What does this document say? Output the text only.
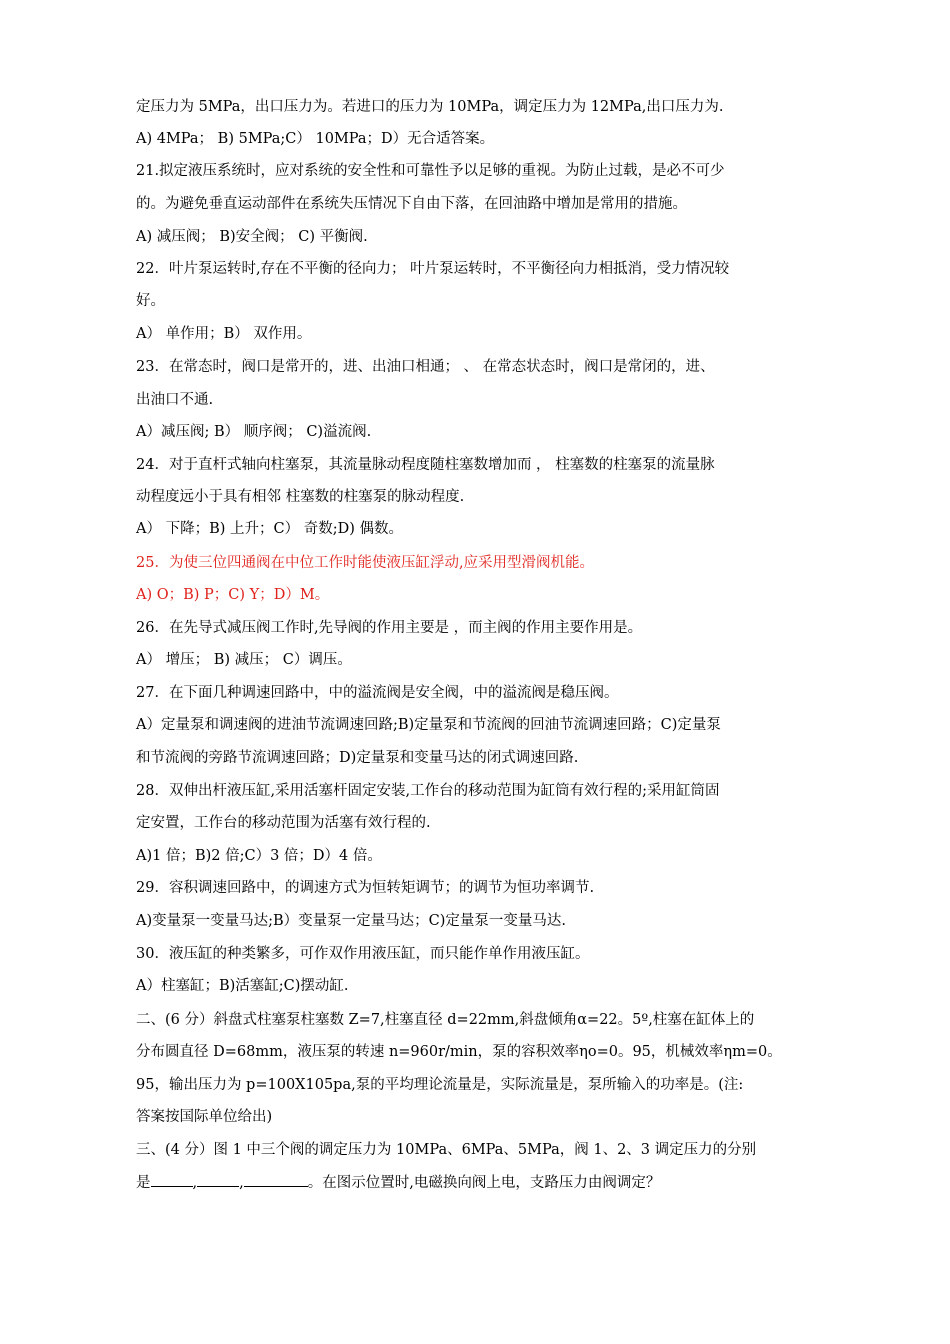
定压力为 5MPa，出口压力为。若进口的压力为 10MPa，调定压力为 12MPa,出口压力为.
A) 4MPa； B) 5MPa;C） 10MPa；D）无合适答案。
21.拟定液压系统时，应对系统的安全性和可靠性予以足够的重视。为防止过载，是必不可少
的。为避免垂直运动部件在系统失压情况下自由下落，在回油路中增加是常用的措施。
A) 减压阀； B)安全阀； C) 平衡阀.
22．叶片泵运转时,存在不平衡的径向力； 叶片泵运转时，不平衡径向力相抵消，受力情况较
好。
A） 单作用；B） 双作用。
23．在常态时，阀口是常开的，进、出油口相通； 、 在常态状态时，阀口是常闭的，进、
出油口不通.
A）减压阀; B） 顺序阀； C)溢流阀.
24．对于直杆式轴向柱塞泵，其流量脉动程度随柱塞数增加而 ， 柱塞数的柱塞泵的流量脉
动程度远小于具有相邻 柱塞数的柱塞泵的脉动程度.
A） 下降；B) 上升；C） 奇数;D) 偶数。
25．为使三位四通阀在中位工作时能使液压缸浮动,应采用型滑阀机能。
A) O；B) P；C) Y；D）M。
26．在先导式减压阀工作时,先导阀的作用主要是 ，而主阀的作用主要作用是。
A） 增压； B) 减压； C）调压。
27．在下面几种调速回路中，中的溢流阀是安全阀，中的溢流阀是稳压阀。
A）定量泵和调速阀的进油节流调速回路;B)定量泵和节流阀的回油节流调速回路；C)定量泵
和节流阀的旁路节流调速回路；D)定量泵和变量马达的闭式调速回路.
28．双伸出杆液压缸,采用活塞杆固定安装,工作台的移动范围为缸筒有效行程的;采用缸筒固
定安置，工作台的移动范围为活塞有效行程的.
A)1 倍；B)2 倍;C）3 倍；D）4 倍。
29．容积调速回路中，的调速方式为恒转矩调节；的调节为恒功率调节.
A)变量泵一变量马达;B）变量泵一定量马达；C)定量泵一变量马达.
30．液压缸的种类繁多，可作双作用液压缸，而只能作单作用液压缸。
A）柱塞缸；B)活塞缸;C)摆动缸.
二、(6 分）斜盘式柱塞泵柱塞数 Z=7,柱塞直径 d=22mm,斜盘倾角α=22。5º,柱塞在缸体上的
分布圆直径 D=68mm，液压泵的转速 n=960r/min，泵的容积效率ηo=0。95，机械效率ηm=0。
95，输出压力为 p=100X105pa,泵的平均理论流量是，实际流量是，泵所输入的功率是。(注:
答案按国际单位给出)
三、(4 分）图 1 中三个阀的调定压力为 10MPa、6MPa、5MPa，阀 1、2、3 调定压力的分别
是	,	,	。在图示位置时,电磁换向阀上电，支路压力由阀调定？
